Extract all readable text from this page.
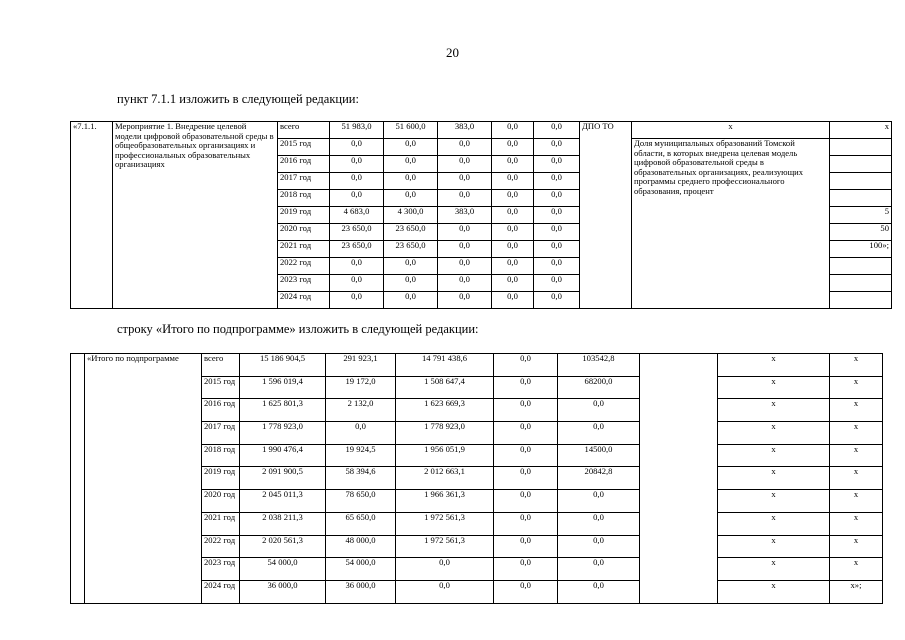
20
пункт 7.1.1 изложить в следующей редакции:
«7.1.1.	Мероприятие 1. Внедрение целевой модели цифровой образовательной среды в общеобразовательных организациях и профессиональных образовательных организациях	всего	51 983,0	51 600,0	383,0	0,0	0,0	ДПО ТО	х	х
		2015 год	0,0	0,0	0,0	0,0	0,0		Доля муниципальных образований Томской области, в которых внедрена целевая модель цифровой образовательной среды в образовательных организациях, реализующих программы среднего профессионального образования, процент	
		2016 год	0,0	0,0	0,0	0,0	0,0			
		2017 год	0,0	0,0	0,0	0,0	0,0			
		2018 год	0,0	0,0	0,0	0,0	0,0			
		2019 год	4 683,0	4 300,0	383,0	0,0	0,0			5
		2020 год	23 650,0	23 650,0	0,0	0,0	0,0			50
		2021 год	23 650,0	23 650,0	0,0	0,0	0,0			100»;
		2022 год	0,0	0,0	0,0	0,0	0,0			
		2023 год	0,0	0,0	0,0	0,0	0,0			
		2024 год	0,0	0,0	0,0	0,0	0,0			
строку «Итого по подпрограмме» изложить в следующей редакции:
	«Итого по подпрограмме	всего	15 186 904,5	291 923,1	14 791 438,6	0,0	103542,8		х	х
		2015 год	1 596 019,4	19 172,0	1 508 647,4	0,0	68200,0		х	х
		2016 год	1 625 801,3	2 132,0	1 623 669,3	0,0	0,0		х	х
		2017 год	1 778 923,0	0,0	1 778 923,0	0,0	0,0		х	х
		2018 год	1 990 476,4	19 924,5	1 956 051,9	0,0	14500,0		х	х
		2019 год	2 091 900,5	58 394,6	2 012 663,1	0,0	20842,8		х	х
		2020 год	2 045 011,3	78 650,0	1 966 361,3	0,0	0,0		х	х
		2021 год	2 038 211,3	65 650,0	1 972 561,3	0,0	0,0		х	х
		2022 год	2 020 561,3	48 000,0	1 972 561,3	0,0	0,0		х	х
		2023 год	54 000,0	54 000,0	0,0	0,0	0,0		х	х
		2024 год	36 000,0	36 000,0	0,0	0,0	0,0		х	х»;
